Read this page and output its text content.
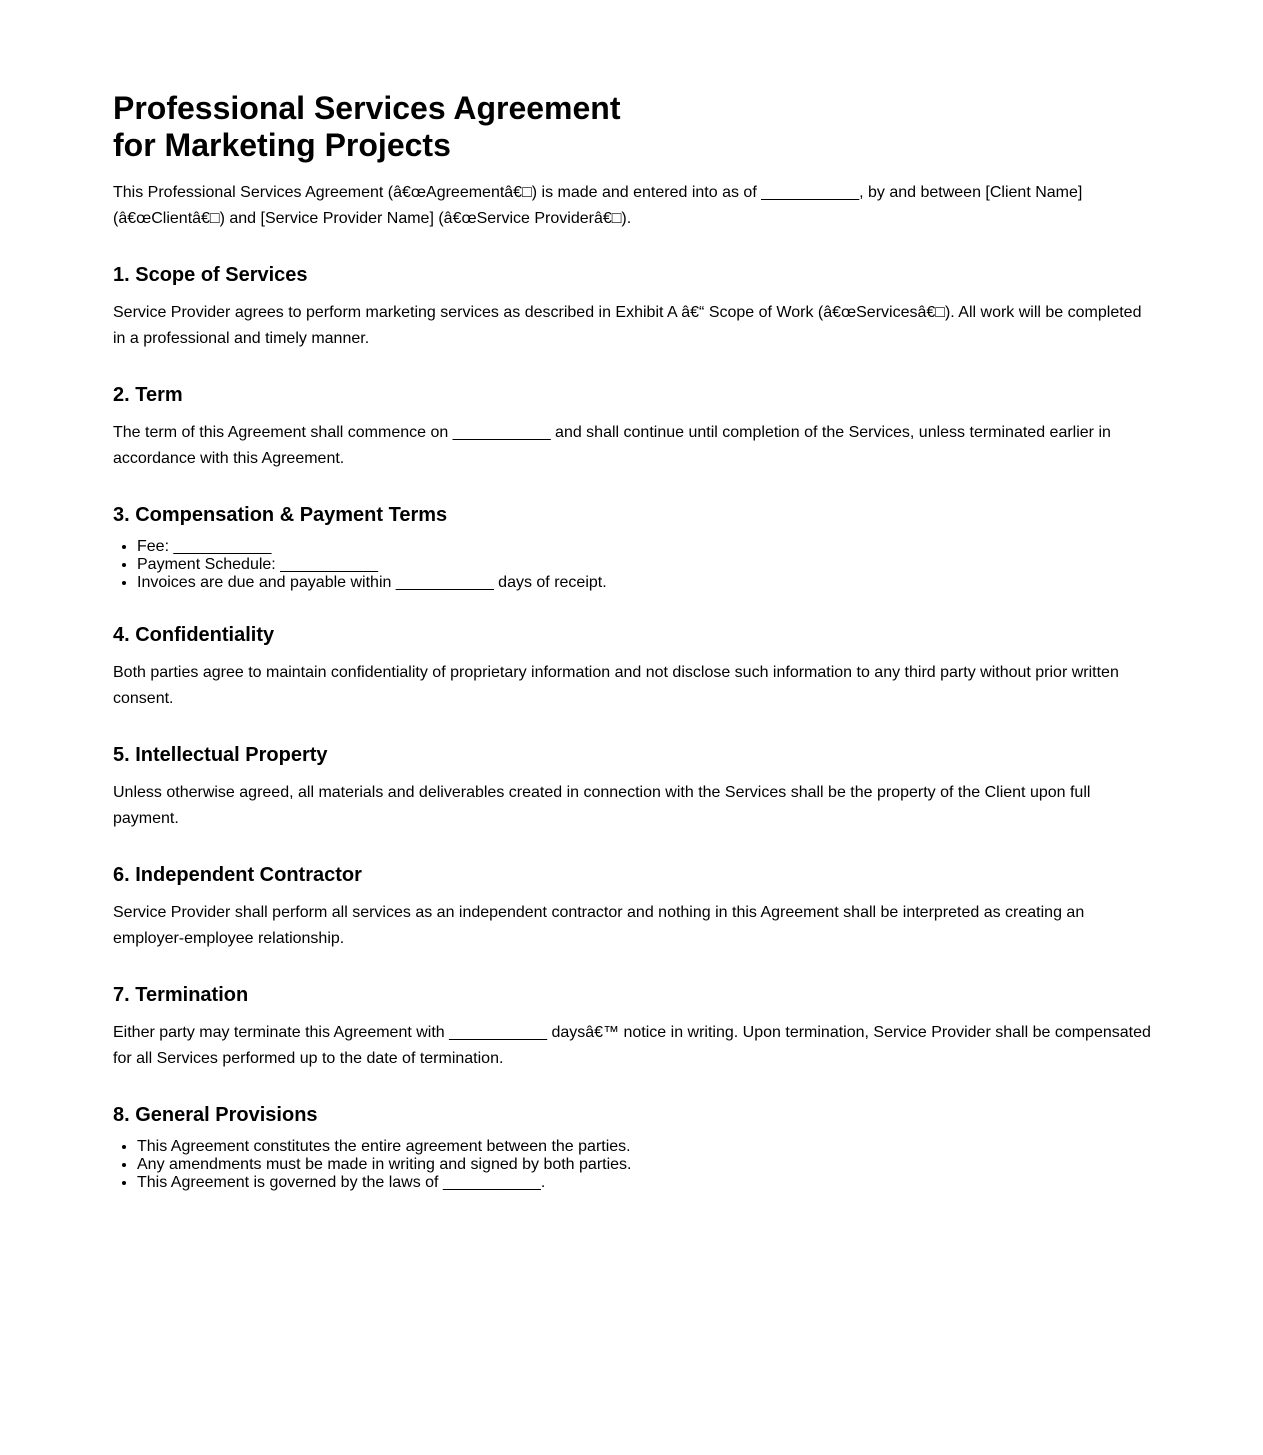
Professional Services Agreement
for Marketing Projects

This Professional Services Agreement (â€œAgreementâ€□) is made and entered into as of ___________, by and between [Client Name] (â€œClientâ€□) and [Service Provider Name] (â€œService Providerâ€□).

1. Scope of Services

Service Provider agrees to perform marketing services as described in Exhibit A â€“ Scope of Work (â€œServicesâ€□). All work will be completed in a professional and timely manner.

2. Term

The term of this Agreement shall commence on ___________ and shall continue until completion of the Services, unless terminated earlier in accordance with this Agreement.

3. Compensation & Payment Terms
• Fee: ___________
• Payment Schedule: ___________
• Invoices are due and payable within ___________ days of receipt.
4. Confidentiality

Both parties agree to maintain confidentiality of proprietary information and not disclose such information to any third party without prior written consent.

5. Intellectual Property

Unless otherwise agreed, all materials and deliverables created in connection with the Services shall be the property of the Client upon full payment.

6. Independent Contractor

Service Provider shall perform all services as an independent contractor and nothing in this Agreement shall be interpreted as creating an employer-employee relationship.

7. Termination

Either party may terminate this Agreement with ___________ daysâ€™ notice in writing. Upon termination, Service Provider shall be compensated for all Services performed up to the date of termination.

8. General Provisions
• This Agreement constitutes the entire agreement between the parties.
• Any amendments must be made in writing and signed by both parties.
• This Agreement is governed by the laws of ___________.
